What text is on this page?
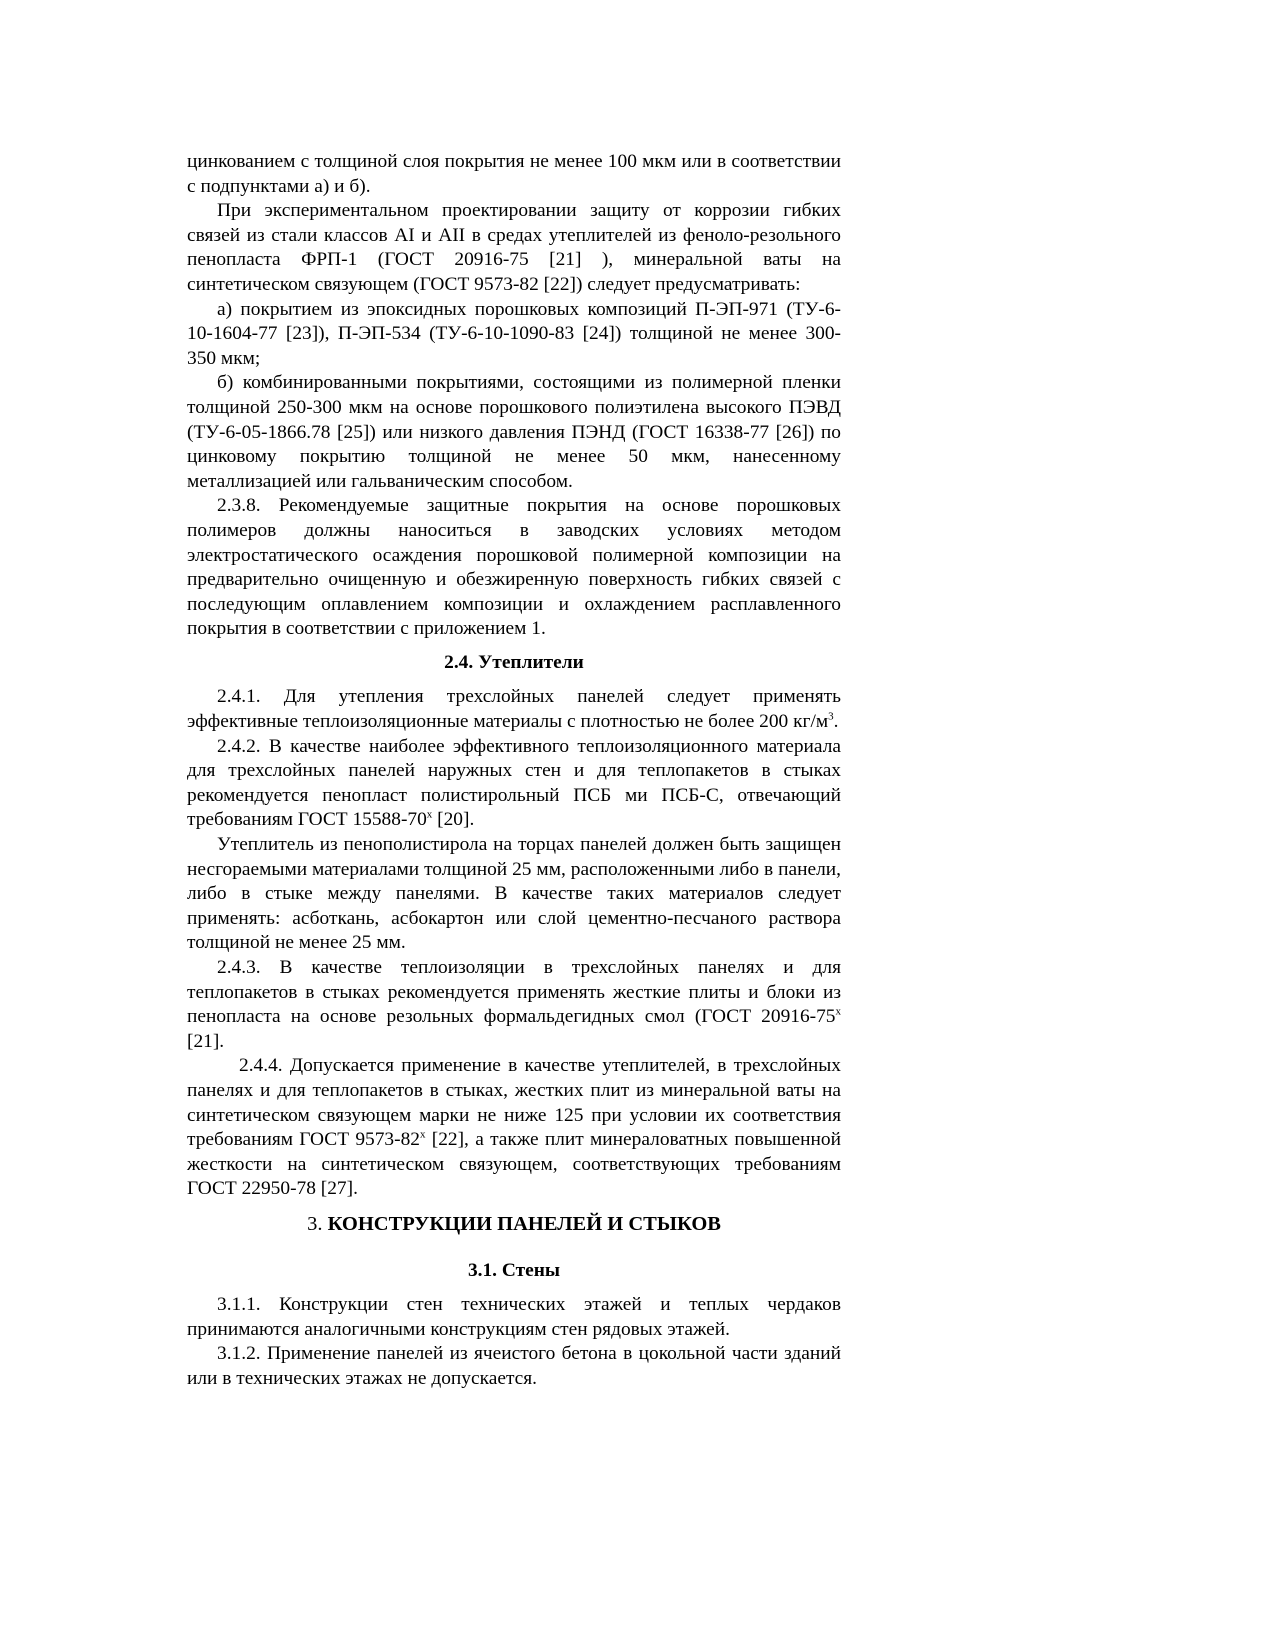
цинкованием с толщиной слоя покрытия не менее 100 мкм или в соответствии с подпунктами а) и б).

При экспериментальном проектировании защиту от коррозии гибких связей из стали классов AI и AII в средах утеплителей из феноло-резольного пенопласта ФРП-1 (ГОСТ 20916-75 [21] ), минеральной ваты на синтетическом связующем (ГОСТ 9573-82 [22]) следует предусматривать:

а) покрытием из эпоксидных порошковых композиций П-ЭП-971 (ТУ-6-10-1604-77 [23]), П-ЭП-534 (ТУ-6-10-1090-83 [24]) толщиной не менее 300-350 мкм;

б) комбинированными покрытиями, состоящими из полимерной пленки толщиной 250-300 мкм на основе порошкового полиэтилена высокого ПЭВД (ТУ-6-05-1866.78 [25]) или низкого давления ПЭНД (ГОСТ 16338-77 [26]) по цинковому покрытию толщиной не менее 50 мкм, нанесенному металлизацией или гальваническим способом.

2.3.8. Рекомендуемые защитные покрытия на основе порошковых полимеров должны наноситься в заводских условиях методом электростатического осаждения порошковой полимерной композиции на предварительно очищенную и обезжиренную поверхность гибких связей с последующим оплавлением композиции и охлаждением расплавленного покрытия в соответствии с приложением 1.

2.4. Утеплители

2.4.1. Для утепления трехслойных панелей следует применять эффективные теплоизоляционные материалы с плотностью не более 200 $кг/м^3$.

2.4.2. В качестве наиболее эффективного теплоизоляционного материала для трехслойных панелей наружных стен и для теплопакетов в стыках рекомендуется пенопласт полистирольный ПСБ ми ПСБ-С, отвечающий требованиям ГОСТ $15588-70^х$ [20].

Утеплитель из пенополистирола на торцах панелей должен быть защищен несгораемыми материалами толщиной 25 мм, расположенными либо в панели, либо в стыке между панелями. В качестве таких материалов следует применять: асботкань, асбокартон или слой цементно-песчаного раствора толщиной не менее 25 мм.

2.4.3. В качестве теплоизоляции в трехслойных панелях и для теплопакетов в стыках рекомендуется применять жесткие плиты и блоки из пенопласта на основе резольных формальдегидных смол (ГОСТ $20916-75^х$ [21].

2.4.4. Допускается применение в качестве утеплителей, в трехслойных панелях и для теплопакетов в стыках, жестких плит из минеральной ваты на синтетическом связующем марки не ниже 125 при условии их соответствия требованиям ГОСТ $9573-82^х$ [22], а также плит минераловатных повышенной жесткости на синтетическом связующем, соответствующих требованиям ГОСТ 22950-78 [27].

3. КОНСТРУКЦИИ ПАНЕЛЕЙ И СТЫКОВ

3.1. Стены

3.1.1. Конструкции стен технических этажей и теплых чердаков принимаются аналогичными конструкциям стен рядовых этажей.

3.1.2. Применение панелей из ячеистого бетона в цокольной части зданий или в технических этажах не допускается.
